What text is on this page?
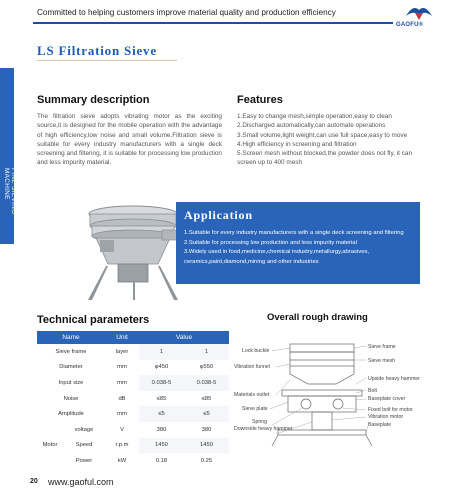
Committed to helping customers improve material quality and production efficiency
GAOFU®
LS Filtration Sieve
FINE SIEVING MACHINE
Summary description
The filtration sieve adopts vibrating motor as the exciting source,it is designed for the mobile operation with the advantage of high efficiency,low noise and small volume.Filtration sieve is suitable for every industry manufacturers with a single deck screening and filtering, it is suitable for processing low production and less impurity material.
Features
1.Easy to change mesh,simple operation,easy to clean
2.Discharged automatically,can automate operations
3.Small volume,light weight,can use full space,easy to move
4.High efficiency in screening and filtration
5.Screen mesh without blocked,the powder does not fly, it can screen up to 400 mesh
Application
1.Suitable for every industry manufacturers with a single deck screening and filtering
2.Suitable for processing low production and less impurity material
3.Widely used in food,medicine,chemical industry,metallurgy,abrasives, ceramics,paint,diamond,mining and other industries
Technical parameters	Overall rough drawing
Name	Unit	Value	
Sieve frame	layer	1	1
Diameter	mm	φ450	φ550
Input size	mm	0.038-5	0.038-5
Noise	dB	≤85	≤85
Amplitude	mm	≤5	≤5

voltage	V	380	380

Motor Speed	r.p.m	1450	1450

Power	kW	0.18	0.25
Lock buckle
Vibration funnel
Materials outlet
Sieve plate
Spring
Downside heavy hammer
Sieve frame
Sieve mesh
Upside heavy hammer
Bolt
Baseplate cover
Fixed bolt for motor
Vibration motor
Baseplate
20 www.gaoful.com
